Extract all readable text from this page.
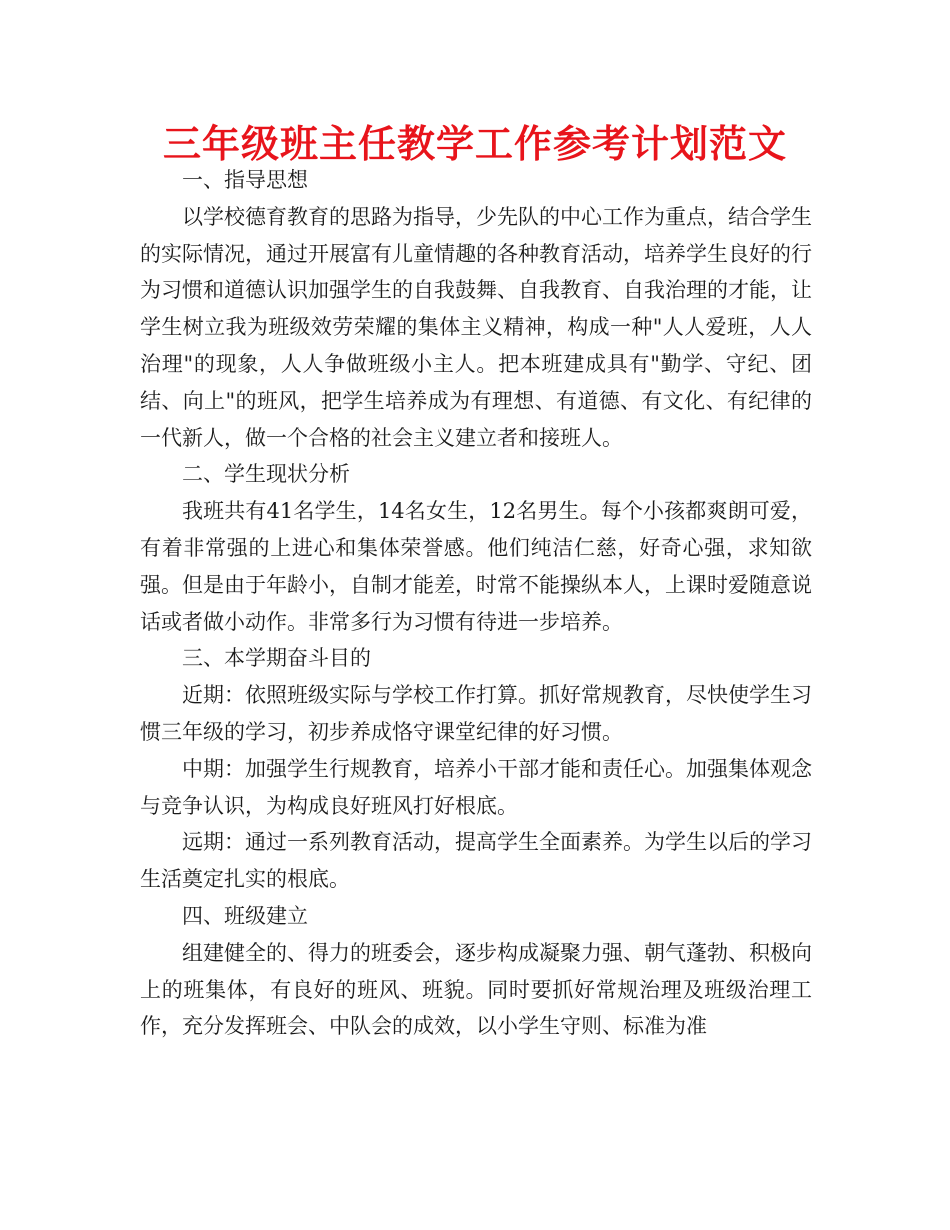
三年级班主任教学工作参考计划范文

一、指导思想

以学校德育教育的思路为指导，少先队的中心工作为重点，结合学生的实际情况，通过开展富有儿童情趣的各种教育活动，培养学生良好的行为习惯和道德认识加强学生的自我鼓舞、自我教育、自我治理的才能，让学生树立我为班级效劳荣耀的集体主义精神，构成一种"人人爱班，人人治理"的现象，人人争做班级小主人。把本班建成具有"勤学、守纪、团结、向上"的班风，把学生培养成为有理想、有道德、有文化、有纪律的一代新人，做一个合格的社会主义建立者和接班人。

二、学生现状分析

我班共有41名学生，14名女生，12名男生。每个小孩都爽朗可爱，有着非常强的上进心和集体荣誉感。他们纯洁仁慈，好奇心强，求知欲强。但是由于年龄小，自制才能差，时常不能操纵本人，上课时爱随意说话或者做小动作。非常多行为习惯有待进一步培养。

三、本学期奋斗目的

近期：依照班级实际与学校工作打算。抓好常规教育，尽快使学生习惯三年级的学习，初步养成恪守课堂纪律的好习惯。

中期：加强学生行规教育，培养小干部才能和责任心。加强集体观念与竞争认识，为构成良好班风打好根底。

远期：通过一系列教育活动，提高学生全面素养。为学生以后的学习生活奠定扎实的根底。

四、班级建立

组建健全的、得力的班委会，逐步构成凝聚力强、朝气蓬勃、积极向上的班集体，有良好的班风、班貌。同时要抓好常规治理及班级治理工作，充分发挥班会、中队会的成效，以小学生守则、标准为准
